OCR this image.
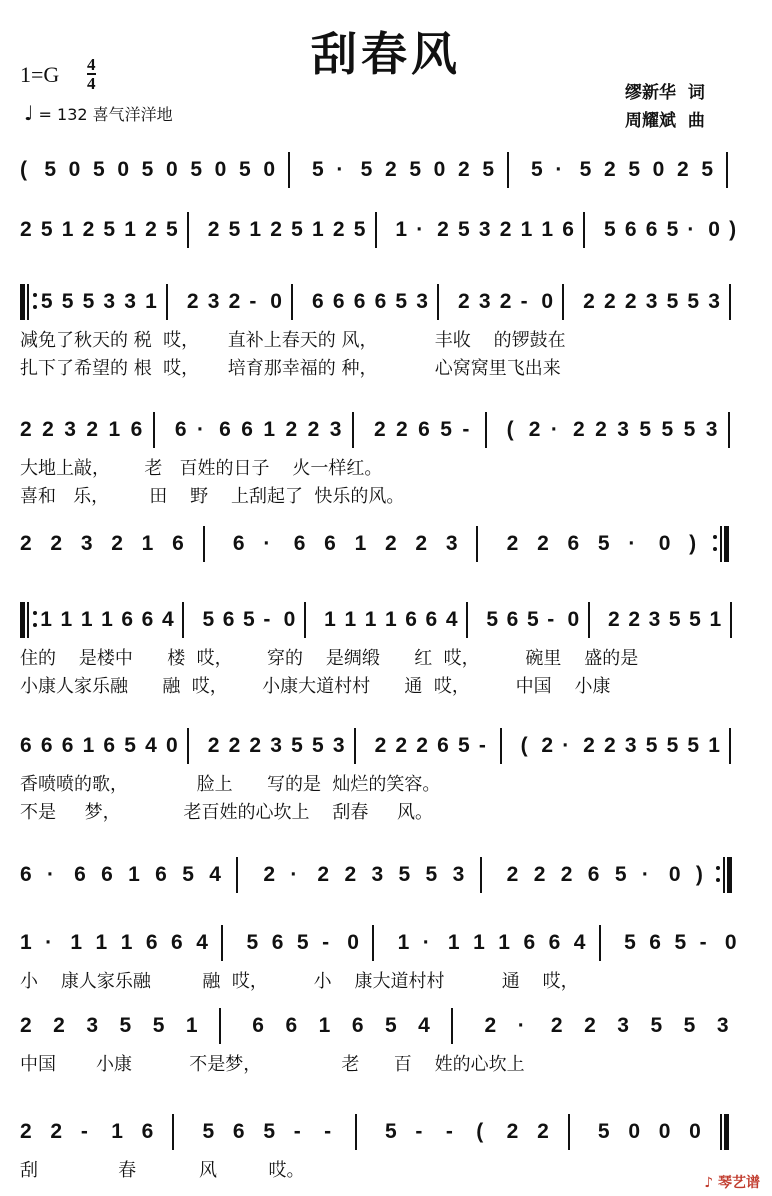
刮春风
1=G 4
4
♩ = 132 喜气洋洋地
缪新华  词
周耀斌  曲
( 5 0 5 0 5 0 5 0 5 0 5 · 5 2 5 0 2 5 5 · 5 2 5 0 2 5
2 5 1 2 5 1 2 5 2 5 1 2 5 1 2 5 1 · 2 5 3 2 1 1 6 5 6 6 5 · 0 )
5 5 5 3 3 1 2 3 2 - 0 6 6 6 6 5 3 2 3 2 - 0 2 2 2 3 5 5 3
减免了秋天的 税  哎，     直补上春天的 风，          丰收    的锣鼓在
扎下了希望的 根  哎，     培育那幸福的 种，          心窝窝里飞出来
2 2 3 2 1 6 6 · 6 6 1 2 2 3 2 2 6 5 - ( 2 · 2 2 3 5 5 5 3
大地上敲，      老   百姓的日子    火一样红。
喜和   乐，       田    野    上刮起了  快乐的风。
2 2 3 2 1 6 6 · 6 6 1 2 2 3 2 2 6 5 · 0 )
1 1 1 1 6 6 4 5 6 5 - 0 1 1 1 1 6 6 4 5 6 5 - 0 2 2 3 5 5 1
住的    是楼中      楼  哎，      穿的    是绸缎      红  哎，        碗里    盛的是
小康人家乐融      融  哎，      小康大道村村      通  哎，        中国    小康
6 6 6 1 6 5 4 0 2 2 2 3 5 5 3 2 2 2 6 5 - ( 2 · 2 2 3 5 5 5 1
香喷喷的歌，            脸上      写的是  灿烂的笑容。
不是     梦，           老百姓的心坎上    刮春     风。
6 · 6 6 1 6 5 4 2 · 2 2 3 5 5 3 2 2 2 6 5 · 0 )
1 · 1 1 1 6 6 4 5 6 5 - 0 1 · 1 1 1 6 6 4 5 6 5 - 0
小    康人家乐融         融  哎，        小    康大道村村          通    哎，
2 2 3 5 5 1	6 6 1 6 5 4	2 · 2 2 3 5 5 3
中国       小康          不是梦，              老      百    姓的心坎上
2 2 - 1 6 5 6 5 - -	5 - - ( 2 2 5 0 0 0
刮              春           风         哎。
♪ 琴艺谱
